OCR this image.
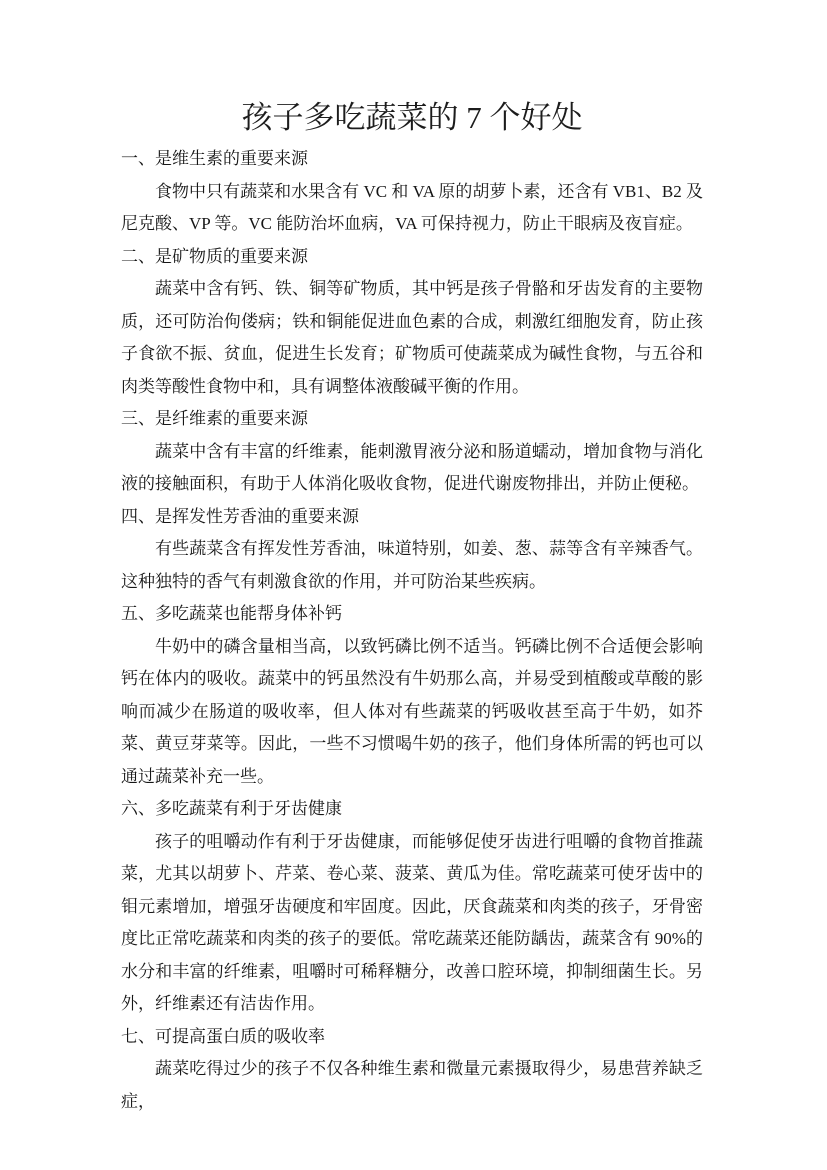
孩子多吃蔬菜的 7 个好处
一、是维生素的重要来源

食物中只有蔬菜和水果含有 VC 和 VA 原的胡萝卜素，还含有 VB1、B2 及尼克酸、VP 等。VC 能防治坏血病，VA 可保持视力，防止干眼病及夜盲症。

二、是矿物质的重要来源

蔬菜中含有钙、铁、铜等矿物质，其中钙是孩子骨骼和牙齿发育的主要物质，还可防治佝偻病；铁和铜能促进血色素的合成，刺激红细胞发育，防止孩子食欲不振、贫血，促进生长发育；矿物质可使蔬菜成为碱性食物，与五谷和肉类等酸性食物中和，具有调整体液酸碱平衡的作用。

三、是纤维素的重要来源

蔬菜中含有丰富的纤维素，能刺激胃液分泌和肠道蠕动，增加食物与消化液的接触面积，有助于人体消化吸收食物，促进代谢废物排出，并防止便秘。

四、是挥发性芳香油的重要来源

有些蔬菜含有挥发性芳香油，味道特别，如姜、葱、蒜等含有辛辣香气。这种独特的香气有刺激食欲的作用，并可防治某些疾病。

五、多吃蔬菜也能帮身体补钙

牛奶中的磷含量相当高，以致钙磷比例不适当。钙磷比例不合适便会影响钙在体内的吸收。蔬菜中的钙虽然没有牛奶那么高，并易受到植酸或草酸的影响而减少在肠道的吸收率，但人体对有些蔬菜的钙吸收甚至高于牛奶，如芥菜、黄豆芽菜等。因此，一些不习惯喝牛奶的孩子，他们身体所需的钙也可以通过蔬菜补充一些。

六、多吃蔬菜有利于牙齿健康

孩子的咀嚼动作有利于牙齿健康，而能够促使牙齿进行咀嚼的食物首推蔬菜，尤其以胡萝卜、芹菜、卷心菜、菠菜、黄瓜为佳。常吃蔬菜可使牙齿中的钼元素增加，增强牙齿硬度和牢固度。因此，厌食蔬菜和肉类的孩子，牙骨密度比正常吃蔬菜和肉类的孩子的要低。常吃蔬菜还能防龋齿，蔬菜含有 90%的水分和丰富的纤维素，咀嚼时可稀释糖分，改善口腔环境，抑制细菌生长。另外，纤维素还有洁齿作用。

七、可提高蛋白质的吸收率

蔬菜吃得过少的孩子不仅各种维生素和微量元素摄取得少，易患营养缺乏症，
